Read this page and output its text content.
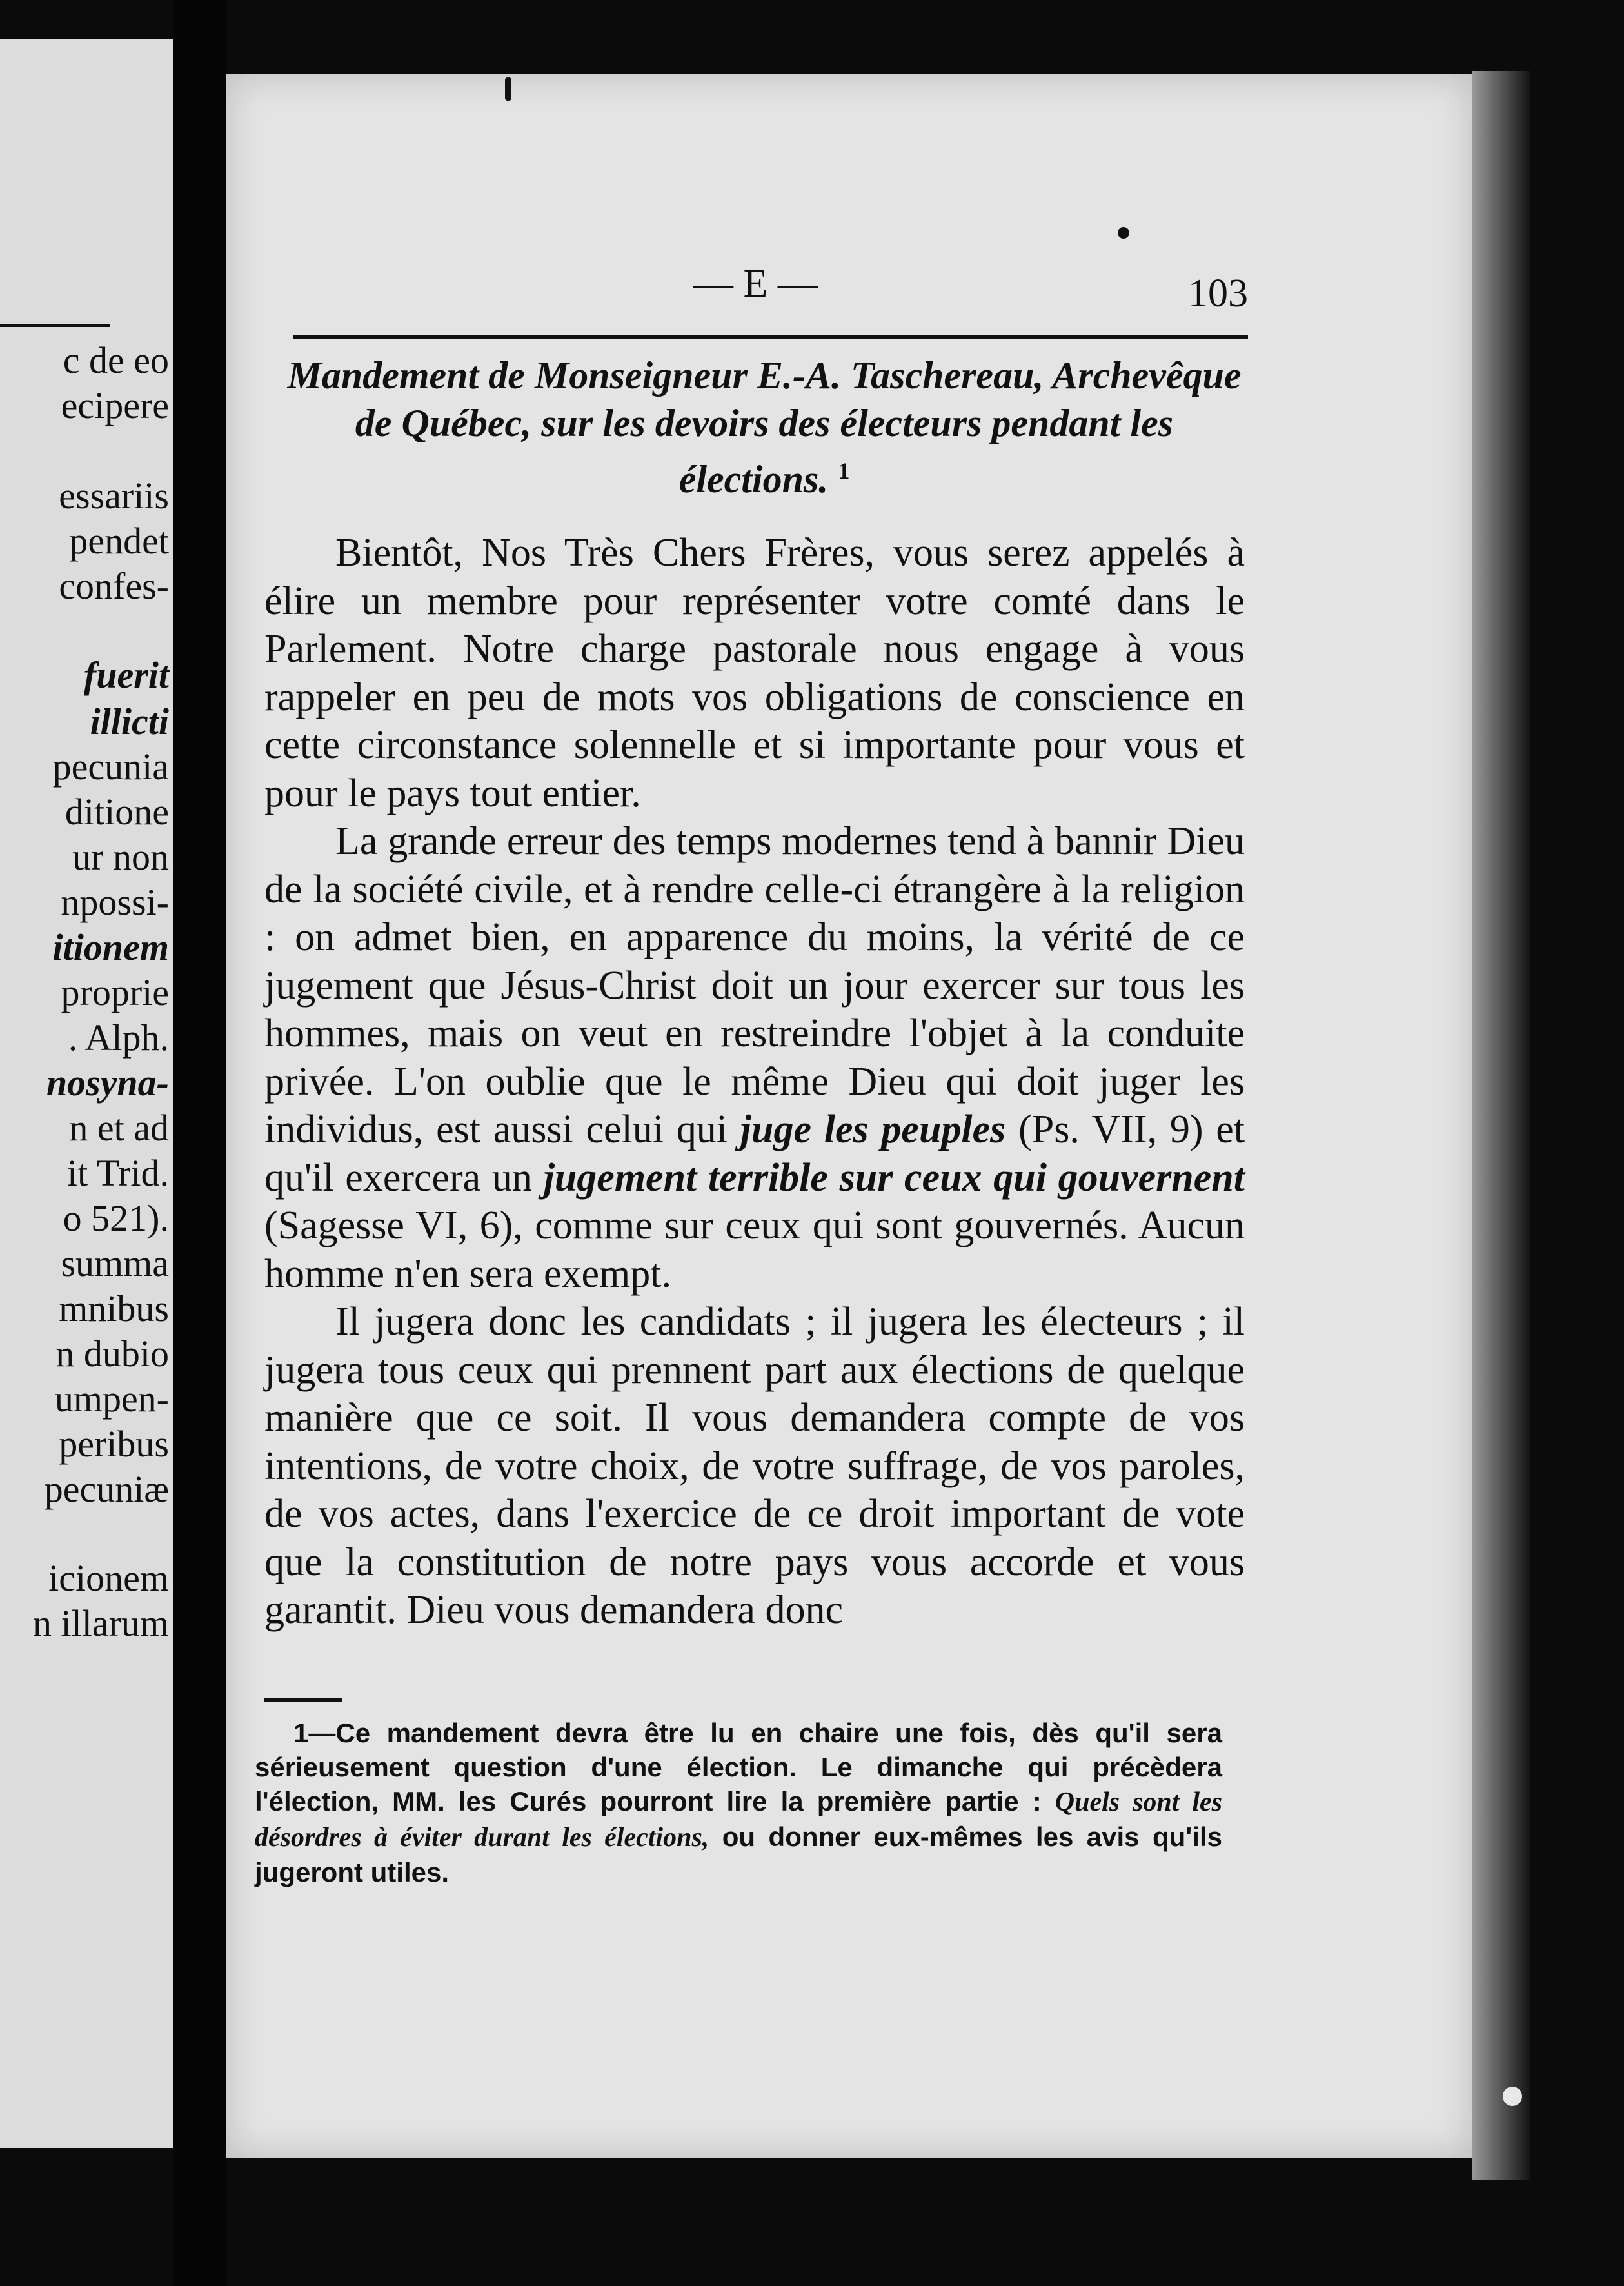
c de eo
ecipere
essariis
pendet
confes-
fuerit
illicti
pecunia
ditione
ur non
npossi-
itionem
proprie
. Alph.
nosyna-
n et ad
it Trid.
o 521).
summa
mnibus
n dubio
umpen-
peribus
pecuniæ
icionem
n illarum
— E —	103
Mandement de Monseigneur E.-A. Taschereau, Archevêque de Québec, sur les devoirs des électeurs pendant les élections. $^1$

Bientôt, Nos Très Chers Frères, vous serez appelés à élire un membre pour représenter votre comté dans le Parlement. Notre charge pastorale nous engage à vous rappeler en peu de mots vos obligations de conscience en cette circonstance solennelle et si importante pour vous et pour le pays tout entier.

La grande erreur des temps modernes tend à bannir Dieu de la société civile, et à rendre celle-ci étrangère à la religion : on admet bien, en apparence du moins, la vérité de ce jugement que Jésus-Christ doit un jour exercer sur tous les hommes, mais on veut en restreindre l'objet à la conduite privée. L'on oublie que le même Dieu qui doit juger les individus, est aussi celui qui juge les peuples (Ps. VII, 9) et qu'il exercera un jugement terrible sur ceux qui gouvernent (Sagesse VI, 6), comme sur ceux qui sont gouvernés. Aucun homme n'en sera exempt.

Il jugera donc les candidats ; il jugera les électeurs ; il jugera tous ceux qui prennent part aux élections de quelque manière que ce soit. Il vous demandera compte de vos intentions, de votre choix, de votre suffrage, de vos paroles, de vos actes, dans l'exercice de ce droit important de vote que la constitution de notre pays vous accorde et vous garantit. Dieu vous demandera donc

1—Ce mandement devra être lu en chaire une fois, dès qu'il sera sérieusement question d'une élection. Le dimanche qui précèdera l'élection, MM. les Curés pourront lire la première partie : Quels sont les désordres à éviter durant les élections, ou donner eux-mêmes les avis qu'ils jugeront utiles.
